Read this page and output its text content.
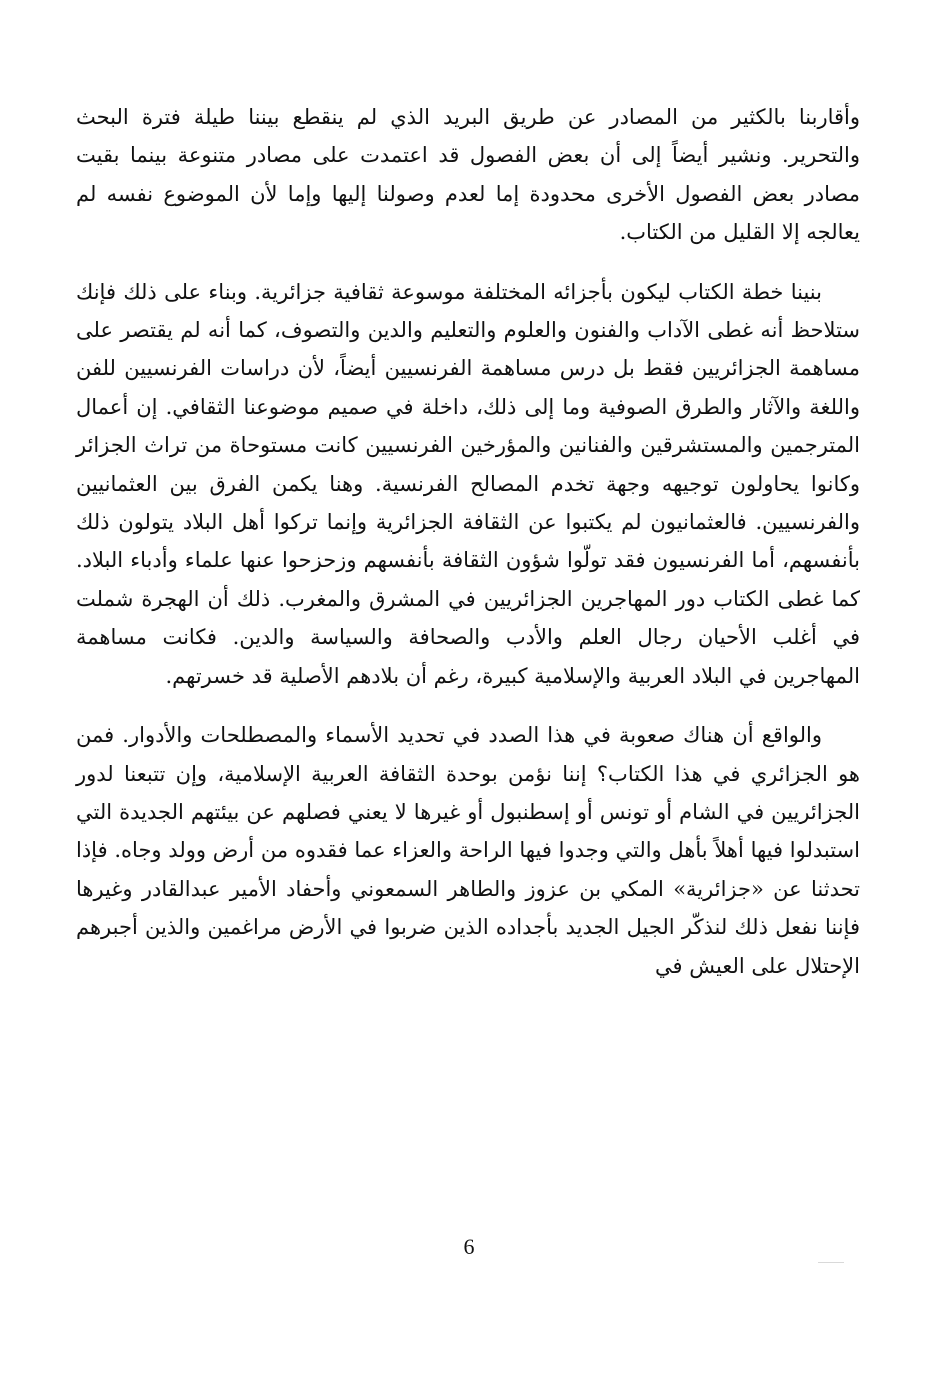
وأقاربنا بالكثير من المصادر عن طريق البريد الذي لم ينقطع بيننا طيلة فترة البحث والتحرير. ونشير أيضاً إلى أن بعض الفصول قد اعتمدت على مصادر متنوعة بينما بقيت مصادر بعض الفصول الأخرى محدودة إما لعدم وصولنا إليها وإما لأن الموضوع نفسه لم يعالجه إلا القليل من الكتاب.

بنينا خطة الكتاب ليكون بأجزائه المختلفة موسوعة ثقافية جزائرية. وبناء على ذلك فإنك ستلاحظ أنه غطى الآداب والفنون والعلوم والتعليم والدين والتصوف، كما أنه لم يقتصر على مساهمة الجزائريين فقط بل درس مساهمة الفرنسيين أيضاً، لأن دراسات الفرنسيين للفن واللغة والآثار والطرق الصوفية وما إلى ذلك، داخلة في صميم موضوعنا الثقافي. إن أعمال المترجمين والمستشرقين والفنانين والمؤرخين الفرنسيين كانت مستوحاة من تراث الجزائر وكانوا يحاولون توجيهه وجهة تخدم المصالح الفرنسية. وهنا يكمن الفرق بين العثمانيين والفرنسيين. فالعثمانيون لم يكتبوا عن الثقافة الجزائرية وإنما تركوا أهل البلاد يتولون ذلك بأنفسهم، أما الفرنسيون فقد تولّوا شؤون الثقافة بأنفسهم وزحزحوا عنها علماء وأدباء البلاد. كما غطى الكتاب دور المهاجرين الجزائريين في المشرق والمغرب. ذلك أن الهجرة شملت في أغلب الأحيان رجال العلم والأدب والصحافة والسياسة والدين. فكانت مساهمة المهاجرين في البلاد العربية والإسلامية كبيرة، رغم أن بلادهم الأصلية قد خسرتهم.

والواقع أن هناك صعوبة في هذا الصدد في تحديد الأسماء والمصطلحات والأدوار. فمن هو الجزائري في هذا الكتاب؟ إننا نؤمن بوحدة الثقافة العربية الإسلامية، وإن تتبعنا لدور الجزائريين في الشام أو تونس أو إسطنبول أو غيرها لا يعني فصلهم عن بيئتهم الجديدة التي استبدلوا فيها أهلاً بأهل والتي وجدوا فيها الراحة والعزاء عما فقدوه من أرض وولد وجاه. فإذا تحدثنا عن «جزائرية» المكي بن عزوز والطاهر السمعوني وأحفاد الأمير عبدالقادر وغيرها فإننا نفعل ذلك لنذكّر الجيل الجديد بأجداده الذين ضربوا في الأرض مراغمين والذين أجبرهم الإحتلال على العيش في

6
